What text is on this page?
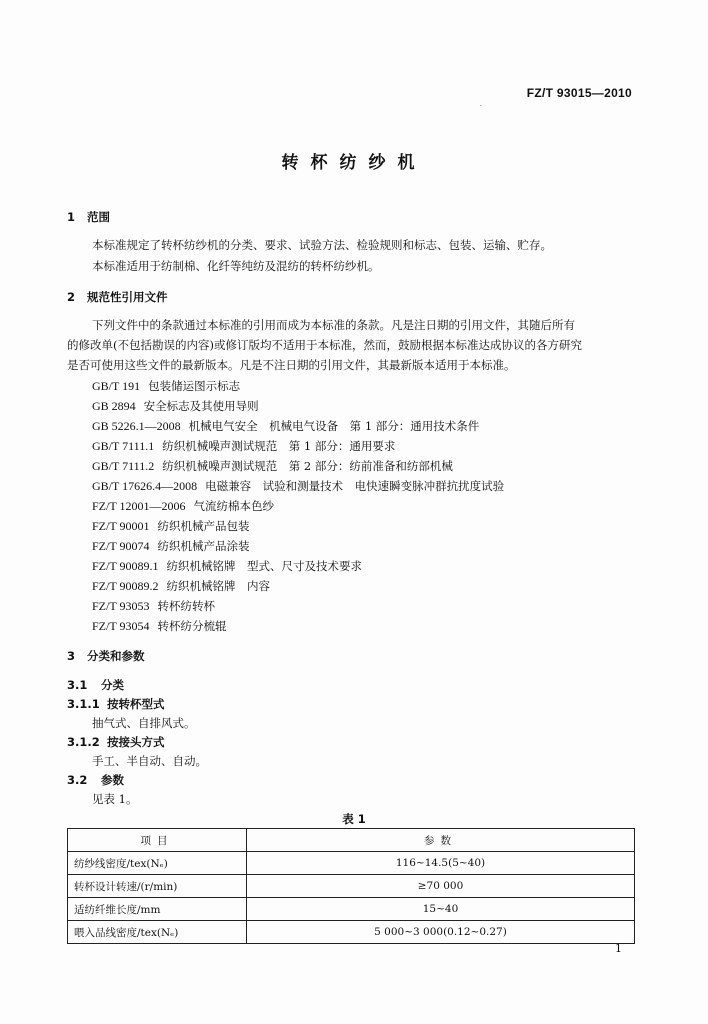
FZ/T 93015—2010
.
转杯纺纱机
1 范围
本标准规定了转杯纺纱机的分类、要求、试验方法、检验规则和标志、包装、运输、贮存。
本标准适用于纺制棉、化纤等纯纺及混纺的转杯纺纱机。
2 规范性引用文件
下列文件中的条款通过本标准的引用而成为本标准的条款。凡是注日期的引用文件，其随后所有
的修改单(不包括勘误的内容)或修订版均不适用于本标准，然而，鼓励根据本标准达成协议的各方研究
是否可使用这些文件的最新版本。凡是不注日期的引用文件，其最新版本适用于本标准。
GB/T 191 包装储运图示标志
GB 2894 安全标志及其使用导则
GB 5226.1—2008 机械电气安全　机械电气设备　第 1 部分：通用技术条件
GB/T 7111.1 纺织机械噪声测试规范　第 1 部分：通用要求
GB/T 7111.2 纺织机械噪声测试规范　第 2 部分：纺前准备和纺部机械
GB/T 17626.4—2008 电磁兼容　试验和测量技术　电快速瞬变脉冲群抗扰度试验
FZ/T 12001—2006 气流纺棉本色纱
FZ/T 90001 纺织机械产品包装
FZ/T 90074 纺织机械产品涂装
FZ/T 90089.1 纺织机械铭牌　型式、尺寸及技术要求
FZ/T 90089.2 纺织机械铭牌　内容
FZ/T 93053 转杯纺转杯
FZ/T 93054 转杯纺分梳辊
3 分类和参数
3.1 分类
3.1.1 按转杯型式
抽气式、自排风式。
3.1.2 按接头方式
手工、半自动、自动。
3.2 参数
见表 1。
表 1
项目	参数
纺纱线密度/tex(Nₑ)	116~14.5(5~40)
转杯设计转速/(r/min)	≥70 000
适纺纤维长度/mm	15~40
喂入品线密度/tex(Nₑ)	5 000~3 000(0.12~0.27)
1
